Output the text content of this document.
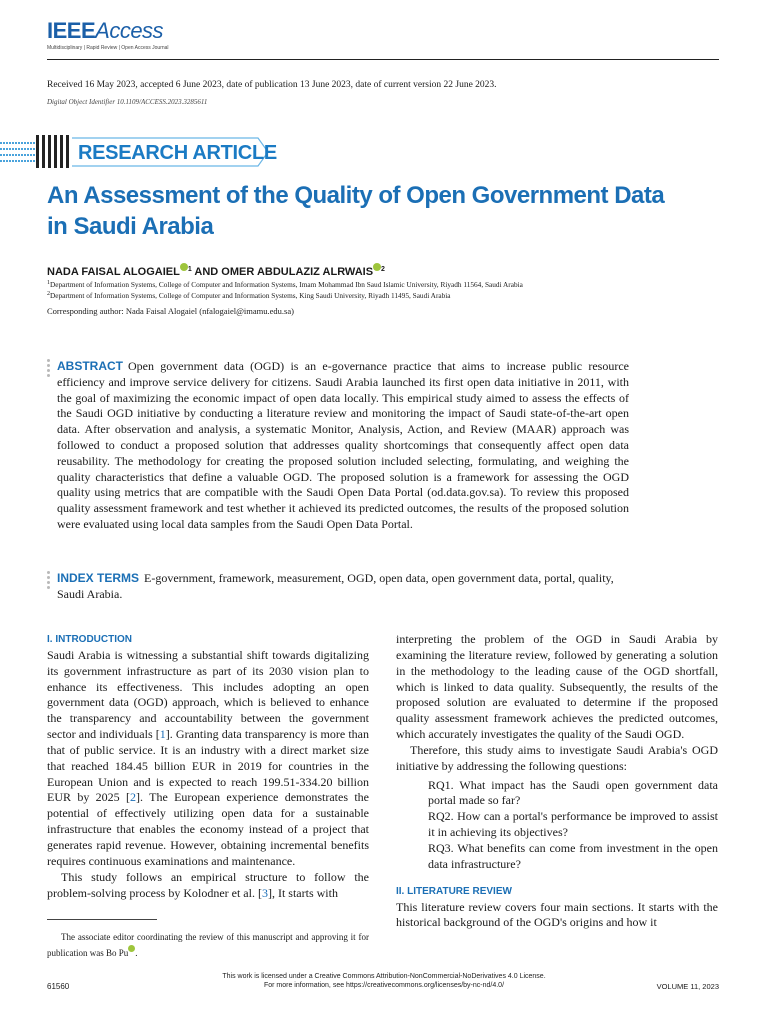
IEEEAccess
Multidisciplinary | Rapid Review | Open Access Journal
Received 16 May 2023, accepted 6 June 2023, date of publication 13 June 2023, date of current version 22 June 2023.
Digital Object Identifier 10.1109/ACCESS.2023.3285611
RESEARCH ARTICLE
An Assessment of the Quality of Open Government Data in Saudi Arabia
NADA FAISAL ALOGAIEL $^1$ AND OMER ABDULAZIZ ALRWAIS $^2$
$^1$Department of Information Systems, College of Computer and Information Systems, Imam Mohammad Ibn Saud Islamic University, Riyadh 11564, Saudi Arabia
$^2$Department of Information Systems, College of Computer and Information Systems, King Saudi University, Riyadh 11495, Saudi Arabia
Corresponding author: Nada Faisal Alogaiel (nfalogaiel@imamu.edu.sa)
ABSTRACT Open government data (OGD) is an e-governance practice that aims to increase public resource efficiency and improve service delivery for citizens. Saudi Arabia launched its first open data initiative in 2011, with the goal of maximizing the economic impact of open data locally. This empirical study aimed to assess the effects of the Saudi OGD initiative by conducting a literature review and monitoring the impact of Saudi state-of-the-art open data. After observation and analysis, a systematic Monitor, Analysis, Action, and Review (MAAR) approach was followed to conduct a proposed solution that addresses quality shortcomings that consequently affect open data reusability. The methodology for creating the proposed solution included selecting, formulating, and weighing the quality characteristics that define a valuable OGD. The proposed solution is a framework for assessing the OGD quality using metrics that are compatible with the Saudi Open Data Portal (od.data.gov.sa). To review this proposed quality assessment framework and test whether it achieved its predicted outcomes, the results of the proposed solution were evaluated using local data samples from the Saudi Open Data Portal.
INDEX TERMS E-government, framework, measurement, OGD, open data, open government data, portal, quality, Saudi Arabia.

I. INTRODUCTION

Saudi Arabia is witnessing a substantial shift towards digitalizing its government infrastructure as part of its 2030 vision plan to enhance its effectiveness. This includes adopting an open government data (OGD) approach, which is believed to enhance the transparency and accountability between the government sector and individuals [1]. Granting data transparency is more than that of public service. It is an industry with a direct market size that reached 184.45 billion EUR in 2019 for countries in the European Union and is expected to reach 199.51-334.20 billion EUR by 2025 [2]. The European experience demonstrates the potential of effectively utilizing open data for a sustainable infrastructure that enables the economy instead of a project that generates rapid revenue. However, obtaining incremental benefits requires continuous examinations and maintenance.

This study follows an empirical structure to follow the problem-solving process by Kolodner et al. [3], It starts with

interpreting the problem of the OGD in Saudi Arabia by examining the literature review, followed by generating a solution in the methodology to the leading cause of the OGD shortfall, which is linked to data quality. Subsequently, the results of the proposed solution are evaluated to determine if the proposed quality assessment framework achieves the predicted outcomes, which accurately investigates the quality of the Saudi OGD.

Therefore, this study aims to investigate Saudi Arabia's OGD initiative by addressing the following questions:

RQ1. What impact has the Saudi open government data portal made so far?

RQ2. How can a portal's performance be improved to assist it in achieving its objectives?

RQ3. What benefits can come from investment in the open data infrastructure?

II. LITERATURE REVIEW

This literature review covers four main sections. It starts with the historical background of the OGD's origins and how it

The associate editor coordinating the review of this manuscript and approving it for publication was Bo Pu .
This work is licensed under a Creative Commons Attribution-NonCommercial-NoDerivatives 4.0 License.
For more information, see https://creativecommons.org/licenses/by-nc-nd/4.0/
61560	VOLUME 11, 2023
